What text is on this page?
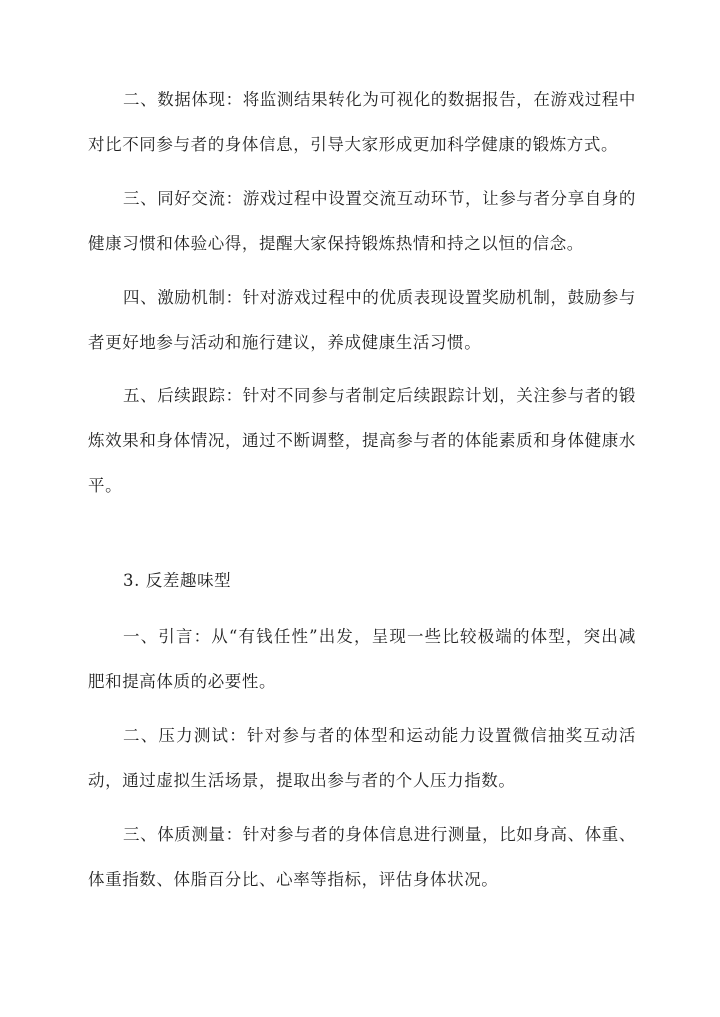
二、数据体现：将监测结果转化为可视化的数据报告，在游戏过程中对比不同参与者的身体信息，引导大家形成更加科学健康的锻炼方式。

三、同好交流：游戏过程中设置交流互动环节，让参与者分享自身的健康习惯和体验心得，提醒大家保持锻炼热情和持之以恒的信念。

四、激励机制：针对游戏过程中的优质表现设置奖励机制，鼓励参与者更好地参与活动和施行建议，养成健康生活习惯。

五、后续跟踪：针对不同参与者制定后续跟踪计划，关注参与者的锻炼效果和身体情况，通过不断调整，提高参与者的体能素质和身体健康水平。

3. 反差趣味型

一、引言：从“有钱任性”出发，呈现一些比较极端的体型，突出减肥和提高体质的必要性。

二、压力测试：针对参与者的体型和运动能力设置微信抽奖互动活动，通过虚拟生活场景，提取出参与者的个人压力指数。

三、体质测量：针对参与者的身体信息进行测量，比如身高、体重、体重指数、体脂百分比、心率等指标，评估身体状况。
